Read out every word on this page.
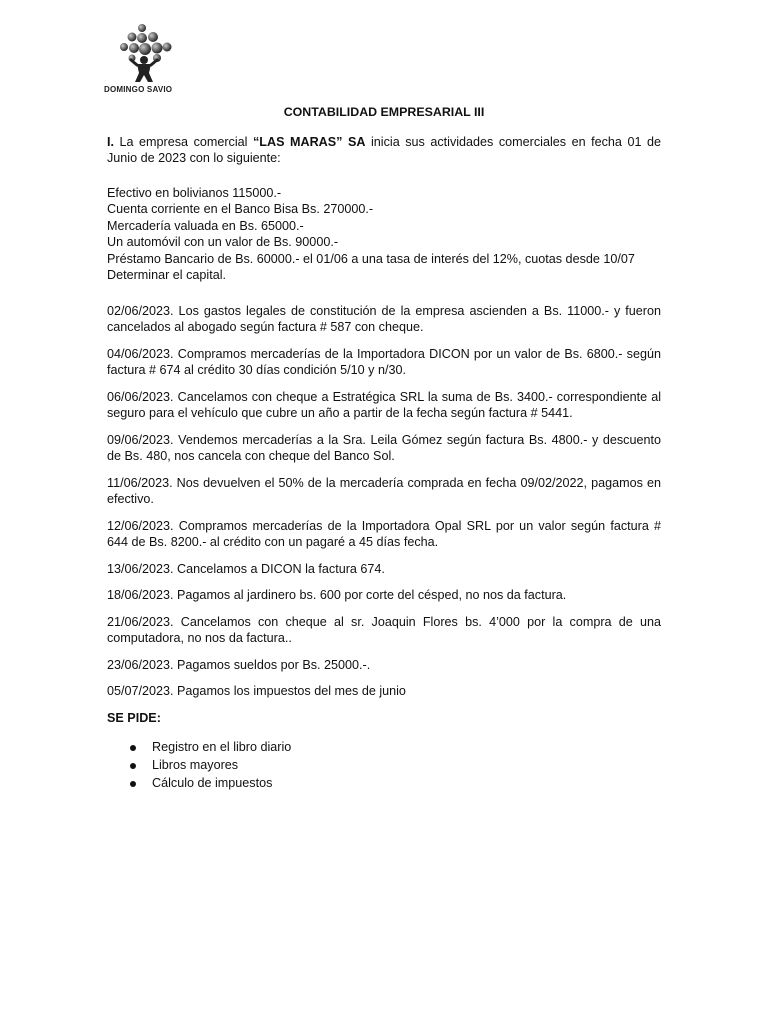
DOMINGO SAVIO

CONTABILIDAD EMPRESARIAL III

I. La empresa comercial “LAS MARAS” SA inicia sus actividades comerciales en fecha 01 de Junio de 2023 con lo siguiente:

Efectivo en bolivianos 115000.-
Cuenta corriente en el Banco Bisa Bs. 270000.-
Mercadería valuada en Bs. 65000.-
Un automóvil con un valor de Bs. 90000.-
Préstamo Bancario de Bs. 60000.- el 01/06 a una tasa de interés del 12%, cuotas desde 10/07
Determinar el capital.

02/06/2023. Los gastos legales de constitución de la empresa ascienden a Bs. 11000.- y fueron cancelados al abogado según factura # 587 con cheque.

04/06/2023. Compramos mercaderías de la Importadora DICON por un valor de Bs. 6800.- según factura # 674 al crédito 30 días condición 5/10 y n/30.

06/06/2023. Cancelamos con cheque a Estratégica SRL la suma de Bs. 3400.- correspondiente al seguro para el vehículo que cubre un año a partir de la fecha según factura # 5441.

09/06/2023. Vendemos mercaderías a la Sra. Leila Gómez según factura Bs. 4800.- y descuento de Bs. 480, nos cancela con cheque del Banco Sol.

11/06/2023. Nos devuelven el 50% de la mercadería comprada en fecha 09/02/2022, pagamos en efectivo.

12/06/2023. Compramos mercaderías de la Importadora Opal SRL por un valor según factura # 644 de Bs. 8200.- al crédito con un pagaré a 45 días fecha.

13/06/2023. Cancelamos a DICON la factura 674.

18/06/2023. Pagamos al jardinero bs. 600 por corte del césped, no nos da factura.

21/06/2023. Cancelamos con cheque al sr. Joaquin Flores bs. 4’000 por la compra de una computadora, no nos da factura..

23/06/2023. Pagamos sueldos por Bs. 25000.-.

05/07/2023. Pagamos los impuestos del mes de junio

SE PIDE:

Registro en el libro diario
Libros mayores
Cálculo de impuestos
